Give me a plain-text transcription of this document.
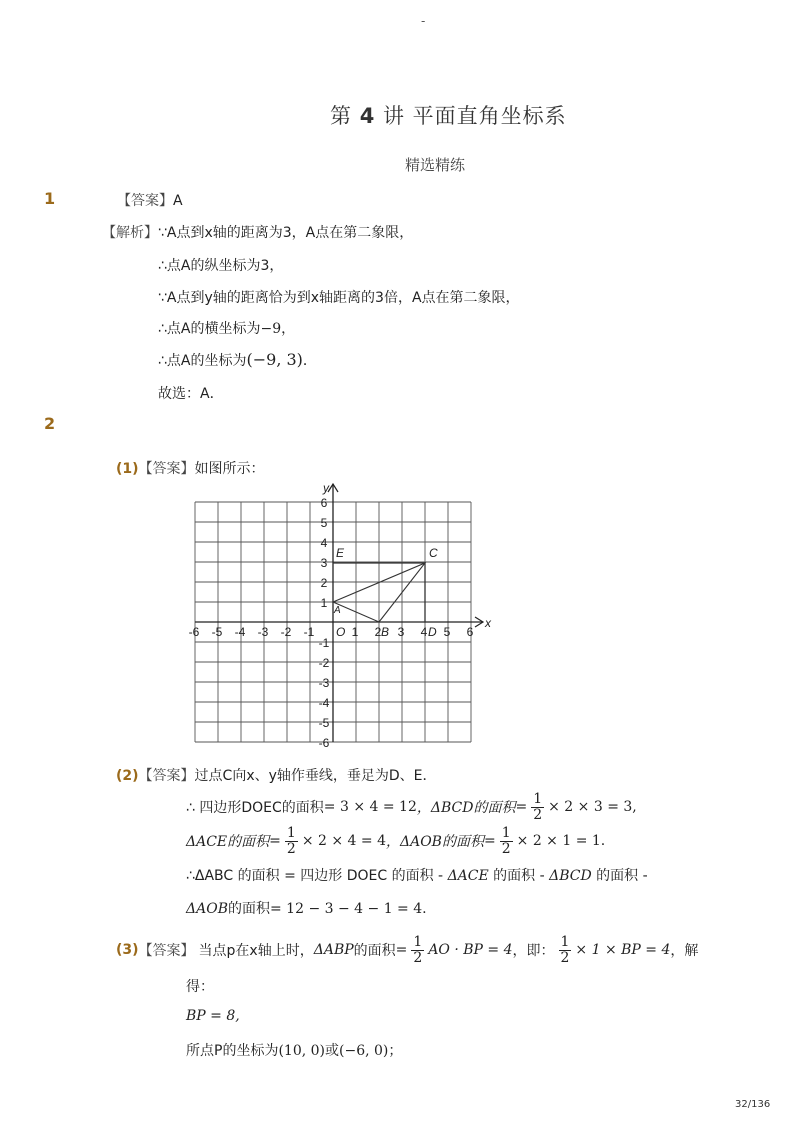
-
第 4 讲 平面直角坐标系
精选精练
1	【答案】A
【解析】∵A点到x轴的距离为3，A点在第二象限，
∴点A的纵坐标为3，
∵A点到y轴的距离恰为到x轴距离的3倍，A点在第二象限，
∴点A的横坐标为−9，
∴点A的坐标为(−9, 3)．
故选：A．
2
(1)【答案】如图所示：
-6 -5 -4 -3 -2 -1	1 2 3 4 5 6
6
5
4
3
2
1
-1
-2
-3
-4
-5
-6
x
y
O
E	C
A
B	D
(2)【答案】过点C向x、y轴作垂线，垂足为D、E．
∴ 四边形DOEC的面积 = 3 × 4 = 12 ，ΔBCD的面积 = $\frac{1}{2} \times 2 \times 3 = 3$,
ΔACE的面积 = $\frac{1}{2} \times 2 \times 4 = 4$ ，ΔAOB的面积 = $\frac{1}{2} \times 2 \times 1 = 1$.
∴ΔABC 的面积 = 四边形 DOEC 的面积 - ΔACE 的面积 - ΔBCD 的面积 -
ΔAOB的面积= 12 − 3 − 4 − 1 = 4.
(3) 【答案】 当点p在x轴上时， ΔABP 的面积 = $\frac{1}{2}$ AO · BP = 4 ，即： $\frac{1}{2} \times 1$ × BP = 4 ，解
得：
BP = 8,
所点P的坐标为(10, 0)或(−6, 0)；
32/136
